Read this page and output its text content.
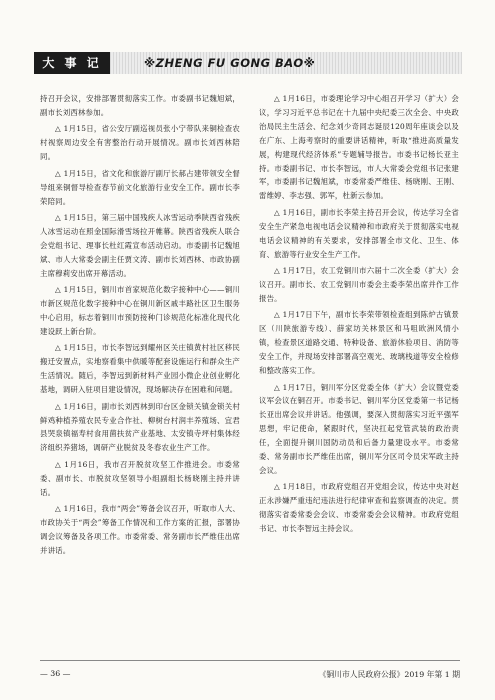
大 事 记	※ZHENG FU GONG BAO※

持召开会议，安排部署贯彻落实工作。市委副书记魏旭斌，副市长刘西林参加。

△ 1月15日，省公安厅副巡视员张小宁带队来铜检查农村视察周边安全有害整治行动开展情况。副市长刘西林陪同。

△ 1月15日，省文化和旅游厅副厅长郝占建带领安全督导组来铜督导检查春节前文化旅游行业安全工作。副市长李荣陪同。

△ 1月15日，第三届中国残疾人冰雪运动季陕西省残疾人冰雪运动在照金国际滑雪场拉开帷幕。陕西省残疾人联合会党组书记、理事长杜红霞宣布活动启动。市委副书记魏旭斌、市人大常委会副主任贾文涛、副市长刘西林、市政协副主席穆莉安出席开幕活动。

△ 1月15日，铜川市首家规范化数字接种中心——铜川市新区规范化数字接种中心在铜川新区戚丰路社区卫生服务中心启用，标志着铜川市预防接种门诊规范化标准化现代化建设跃上新台阶。

△ 1月15日，市长李智远到耀州区关庄镇黄村社区移民搬迁安置点，实地察看集中供暖等配套设施运行和群众生产生活情况。随后，李智远到新材料产业园小微企业创业孵化基地，调研入驻项目建设情况，现场解决存在困难和问题。

△ 1月16日，副市长刘西林到印台区金锁关镇金锁关村鲜鸡种植养殖农民专业合作社、柳树台村润丰养殖场、宜君县哭泉镇福寿村食用菌扶贫产业基地、太安镇寺坪村集体经济组织养猪场，调研产业脱贫及冬春农业生产工作。

△ 1月16日，我市召开脱贫攻坚工作推进会。市委常委、副市长、市脱贫攻坚领导小组副组长杨晓刚主持并讲话。

△ 1月16日，我市“两会”筹备会议召开，听取市人大、市政协关于“两会”筹备工作情况和工作方案的汇报，部署协调会议筹备及各项工作。市委常委、常务副市长严维佳出席并讲话。

△ 1月16日，市委理论学习中心组召开学习（扩大）会议，学习习近平总书记在十九届中央纪委三次全会、中央政治局民主生活会、纪念刘少奇同志诞辰120周年座谈会以及在广东、上海考察时的重要讲话精神，听取“推进高质量发展，构建现代经济体系”专题辅导报告。市委书记杨长亚主持。市委副书记、市长李智远，市人大常委会党组书记张建军，市委副书记魏旭斌，市委常委严维佳、杨晓刚、王刚、雷维婷、李志强、郭军，杜新云参加。

△ 1月16日，副市长李荣主持召开会议，传达学习全省安全生产紧急电视电话会议精神和市政府关于贯彻落实电视电话会议精神的有关要求，安排部署全市文化、卫生、体育、旅游等行业安全生产工作。

△ 1月17日，农工党铜川市六届十二次全委（扩大）会议召开。副市长、农工党铜川市委会主委李荣出席并作工作报告。

△ 1月17日下午，副市长李荣带领检查组到陈炉古镇景区（川陕旅游专线）、薛家坊关林景区和马咀欧洲风情小镇，检查景区道路交通、特种设备、旅游休验项目、消防等安全工作，并现场安排部署高空观光、玻璃栈道等安全检修和整改落实工作。

△ 1月17日，铜川军分区党委全体（扩大）会议暨党委议军会议在铜召开。市委书记、铜川军分区党委第一书记杨长亚出席会议并讲话。他强调，要深入贯彻落实习近平强军思想，牢记使命，紧跟时代，坚决扛起党管武装的政治责任，全面提升铜川国防动员和后备力量建设水平。市委常委、常务副市长严维佳出席，铜川军分区司令员宋军政主持会议。

△ 1月18日，市政府党组召开党组会议，传达中央对赵正永涉嫌严重违纪违法进行纪律审查和监察调查的决定。贯彻落实省委常委会会议、市委常委会会议精神。市政府党组书记、市长李智远主持会议。

— 36 —	《铜川市人民政府公报》2019 年第 1 期
